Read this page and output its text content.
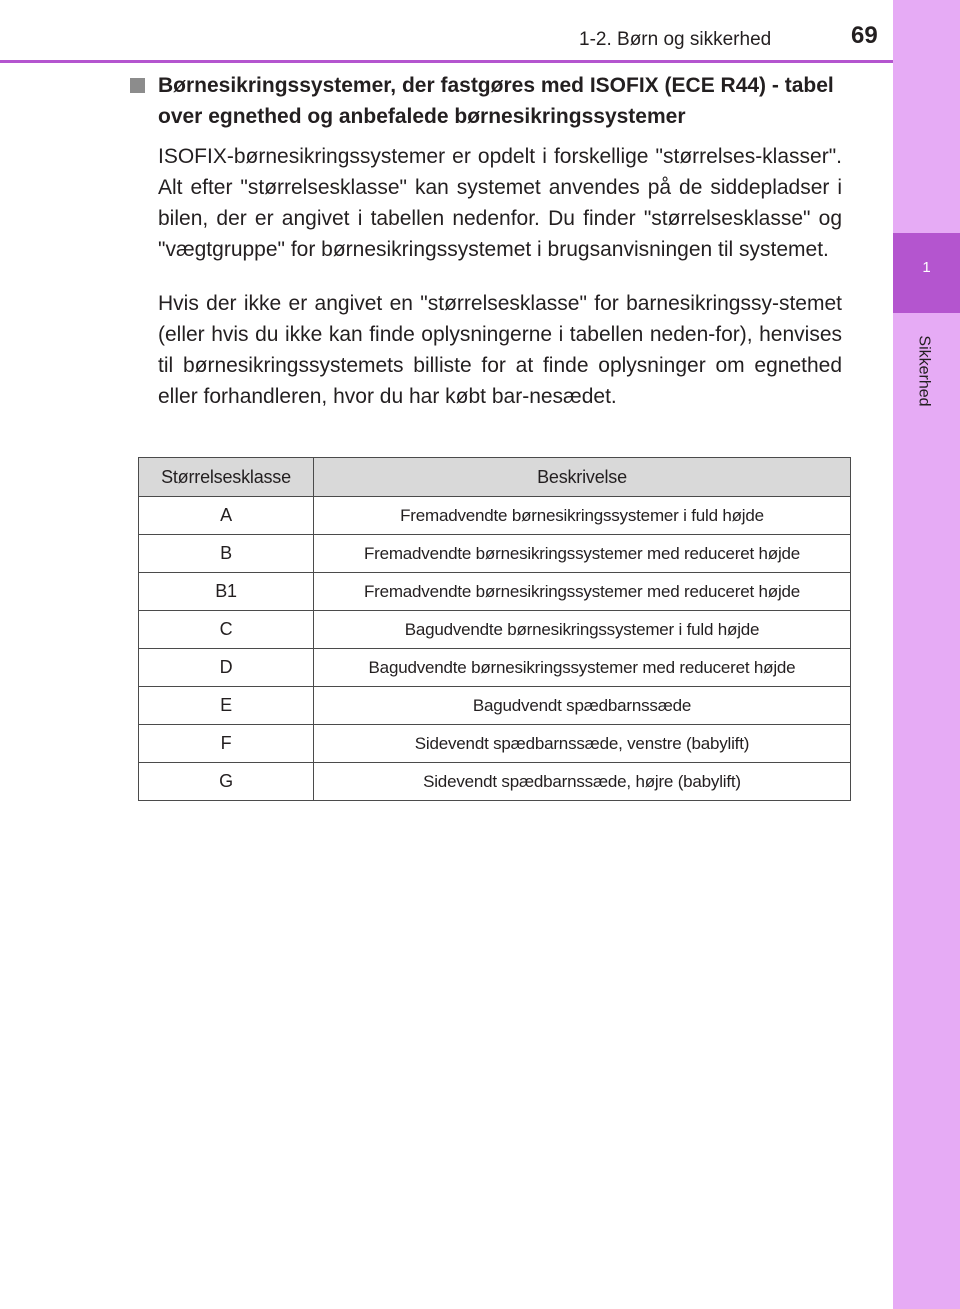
1-2. Børn og sikkerhed	69
1
Sikkerhed
Børnesikringssystemer, der fastgøres med ISOFIX (ECE R44) - tabel over egnethed og anbefalede børnesikringssystemer
ISOFIX-børnesikringssystemer er opdelt i forskellige "størrelses-klasser". Alt efter "størrelsesklasse" kan systemet anvendes på de siddepladser i bilen, der er angivet i tabellen nedenfor. Du finder "størrelsesklasse" og "vægtgruppe" for børnesikringssystemet i brugsanvisningen til systemet.
Hvis der ikke er angivet en "størrelsesklasse" for barnesikringssy-stemet (eller hvis du ikke kan finde oplysningerne i tabellen neden-for), henvises til børnesikringssystemets billiste for at finde oplysninger om egnethed eller forhandleren, hvor du har købt bar-nesædet.
Størrelsesklasse	Beskrivelse
A	Fremadvendte børnesikringssystemer i fuld højde
B	Fremadvendte børnesikringssystemer med reduceret højde
B1	Fremadvendte børnesikringssystemer med reduceret højde
C	Bagudvendte børnesikringssystemer i fuld højde
D	Bagudvendte børnesikringssystemer med reduceret højde
E	Bagudvendt spædbarnssæde
F	Sidevendt spædbarnssæde, venstre (babylift)
G	Sidevendt spædbarnssæde, højre (babylift)
